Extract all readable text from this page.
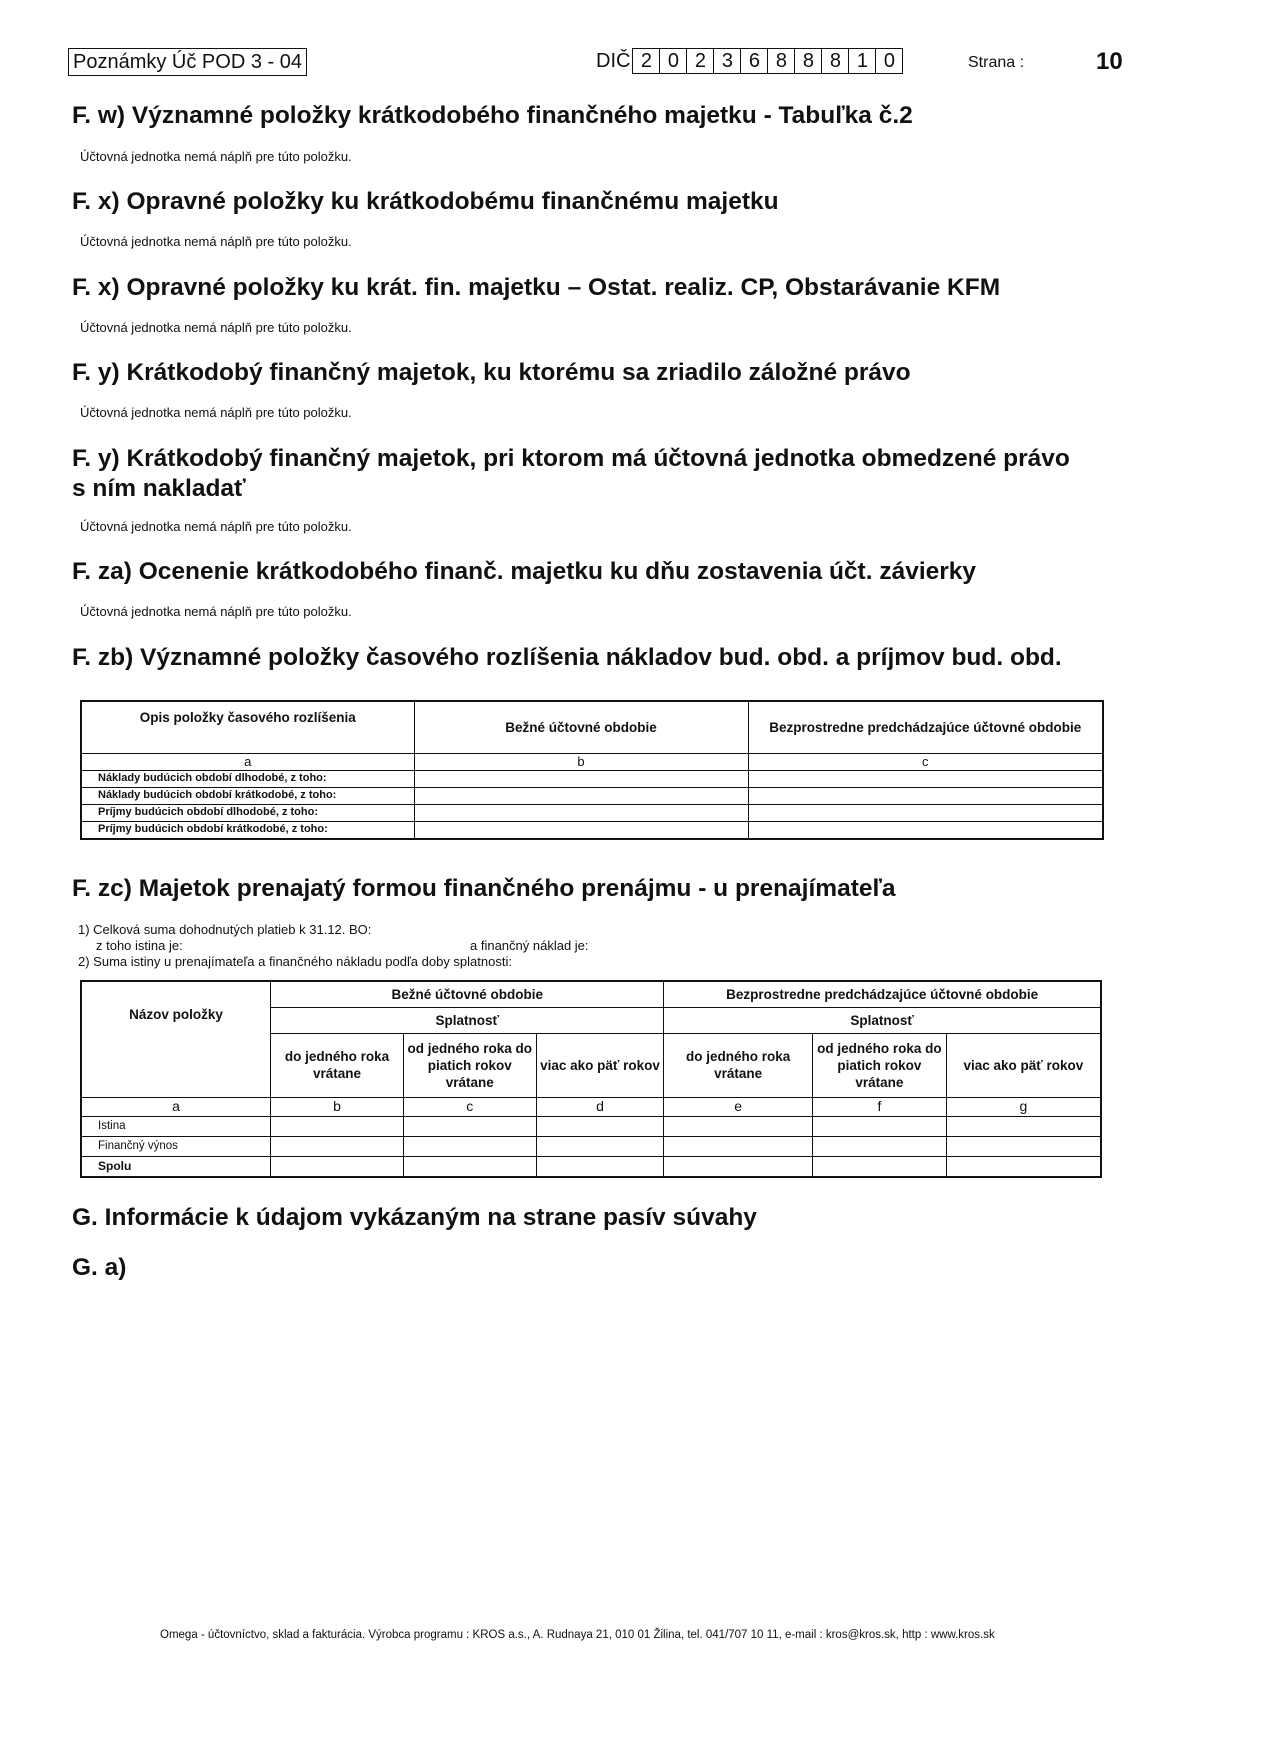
Poznámky Úč POD 3 - 04	DIČ 2 0 2 3 6 8 8 8 1 0	Strana :	10
F. w) Významné položky krátkodobého finančného majetku - Tabuľka č.2
Účtovná jednotka nemá náplň pre túto položku.
F. x) Opravné položky ku krátkodobému finančnému majetku
Účtovná jednotka nemá náplň pre túto položku.
F. x) Opravné položky ku krát. fin. majetku – Ostat. realiz. CP, Obstarávanie KFM
Účtovná jednotka nemá náplň pre túto položku.
F. y) Krátkodobý finančný majetok, ku ktorému sa zriadilo záložné právo
Účtovná jednotka nemá náplň pre túto položku.
F. y) Krátkodobý finančný majetok, pri ktorom má účtovná jednotka obmedzené právo
s ním nakladať
Účtovná jednotka nemá náplň pre túto položku.
F. za) Ocenenie krátkodobého finanč. majetku ku dňu zostavenia účt. závierky
Účtovná jednotka nemá náplň pre túto položku.
F. zb) Významné položky časového rozlíšenia nákladov bud. obd. a príjmov bud. obd.
Opis položky časového rozlíšenia	Bežné účtovné obdobie	Bezprostredne predchádzajúce účtovné obdobie
a	b	c
Náklady budúcich období dlhodobé, z toho:		
Náklady budúcich období krátkodobé, z toho:		
Príjmy budúcich období dlhodobé, z toho:		
Príjmy budúcich období krátkodobé, z toho:		
F. zc) Majetok prenajatý formou finančného prenájmu - u prenajímateľa
1) Celková suma dohodnutých platieb k 31.12. BO:
z toho istina je:	a finančný náklad je:
2) Suma istiny u prenajímateľa a finančného nákladu podľa doby splatnosti:
Názov položky	Bežné účtovné obdobie			Bezprostredne predchádzajúce účtovné obdobie		
	Splatnosť			Splatnosť		
	do jedného roka vrátane	od jedného roka do piatich rokov vrátane	viac ako päť rokov	do jedného roka vrátane	od jedného roka do piatich rokov vrátane	viac ako päť rokov
a	b	c	d	e	f	g
Istina						
Finančný výnos						
Spolu						
G. Informácie k údajom vykázaným na strane pasív súvahy
G. a)
Omega - účtovníctvo, sklad a fakturácia. Výrobca programu : KROS a.s., A. Rudnaya 21, 010 01 Žilina, tel. 041/707 10 11, e-mail : kros@kros.sk, http : www.kros.sk
